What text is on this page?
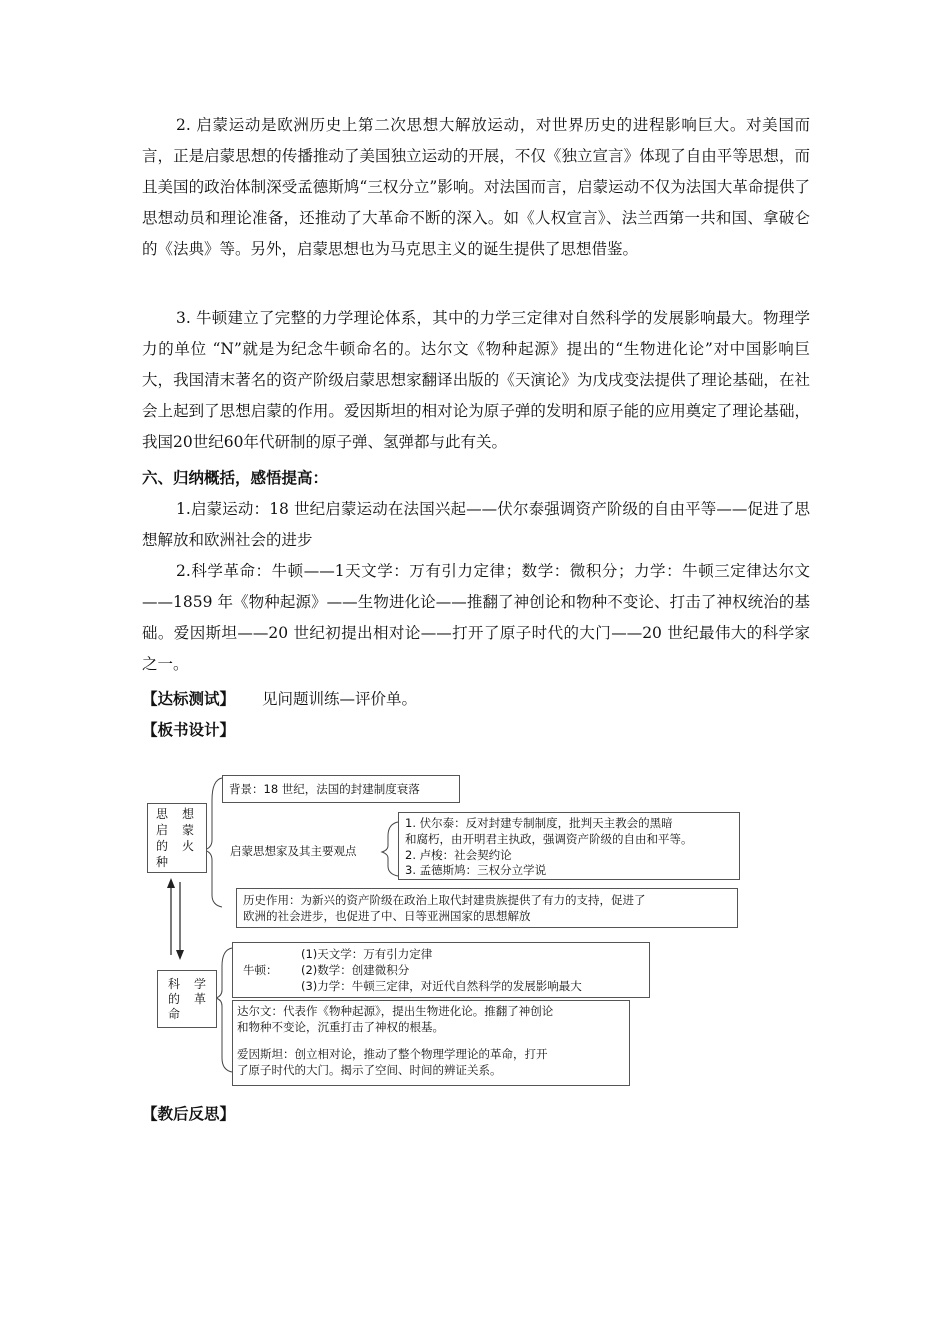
2. 启蒙运动是欧洲历史上第二次思想大解放运动，对世界历史的进程影响巨大。对美国而言，正是启蒙思想的传播推动了美国独立运动的开展，不仅《独立宣言》体现了自由平等思想，而且美国的政治体制深受孟德斯鸠“三权分立”影响。对法国而言，启蒙运动不仅为法国大革命提供了思想动员和理论准备，还推动了大革命不断的深入。如《人权宣言》、法兰西第一共和国、拿破仑的《法典》等。另外，启蒙思想也为马克思主义的诞生提供了思想借鉴。
3. 牛顿建立了完整的力学理论体系，其中的力学三定律对自然科学的发展影响最大。物理学力的单位 “N”就是为纪念牛顿命名的。达尔文《物种起源》提出的“生物进化论”对中国影响巨大，我国清末著名的资产阶级启蒙思想家翻译出版的《天演论》为戊戌变法提供了理论基础，在社会上起到了思想启蒙的作用。爱因斯坦的相对论为原子弹的发明和原子能的应用奠定了理论基础，我国20世纪60年代研制的原子弹、氢弹都与此有关。
六、归纳概括，感悟提高：
1.启蒙运动：18 世纪启蒙运动在法国兴起——伏尔泰强调资产阶级的自由平等——促进了思想解放和欧洲社会的进步
2.科学革命：牛顿——1天文学：万有引力定律；数学：微积分；力学：牛顿三定律达尔文——1859 年《物种起源》——生物进化论——推翻了神创论和物种不变论、打击了神权统治的基础。爱因斯坦——20 世纪初提出相对论——打开了原子时代的大门——20 世纪最伟大的科学家之一。
【达标测试】 见问题训练—评价单。
【板书设计】
思 想
启 蒙
的 火
种
科 学
的 革
命
背景：18 世纪，法国的封建制度衰落
启蒙思想家及其主要观点
1. 伏尔泰：反对封建专制制度，批判天主教会的黑暗
和腐朽，由开明君主执政，强调资产阶级的自由和平等。
2. 卢梭：社会契约论
3. 孟德斯鸠：三权分立学说
历史作用：为新兴的资产阶级在政治上取代封建贵族提供了有力的支持，促进了
欧洲的社会进步，也促进了中、日等亚洲国家的思想解放
牛顿：
(1)天文学：万有引力定律
(2)数学：创建微积分
(3)力学：牛顿三定律，对近代自然科学的发展影响最大
达尔文：代表作《物种起源》，提出生物进化论。推翻了神创论
和物种不变论，沉重打击了神权的根基。
爱因斯坦：创立相对论，推动了整个物理学理论的革命，打开
了原子时代的大门。揭示了空间、时间的辨证关系。
【教后反思】
